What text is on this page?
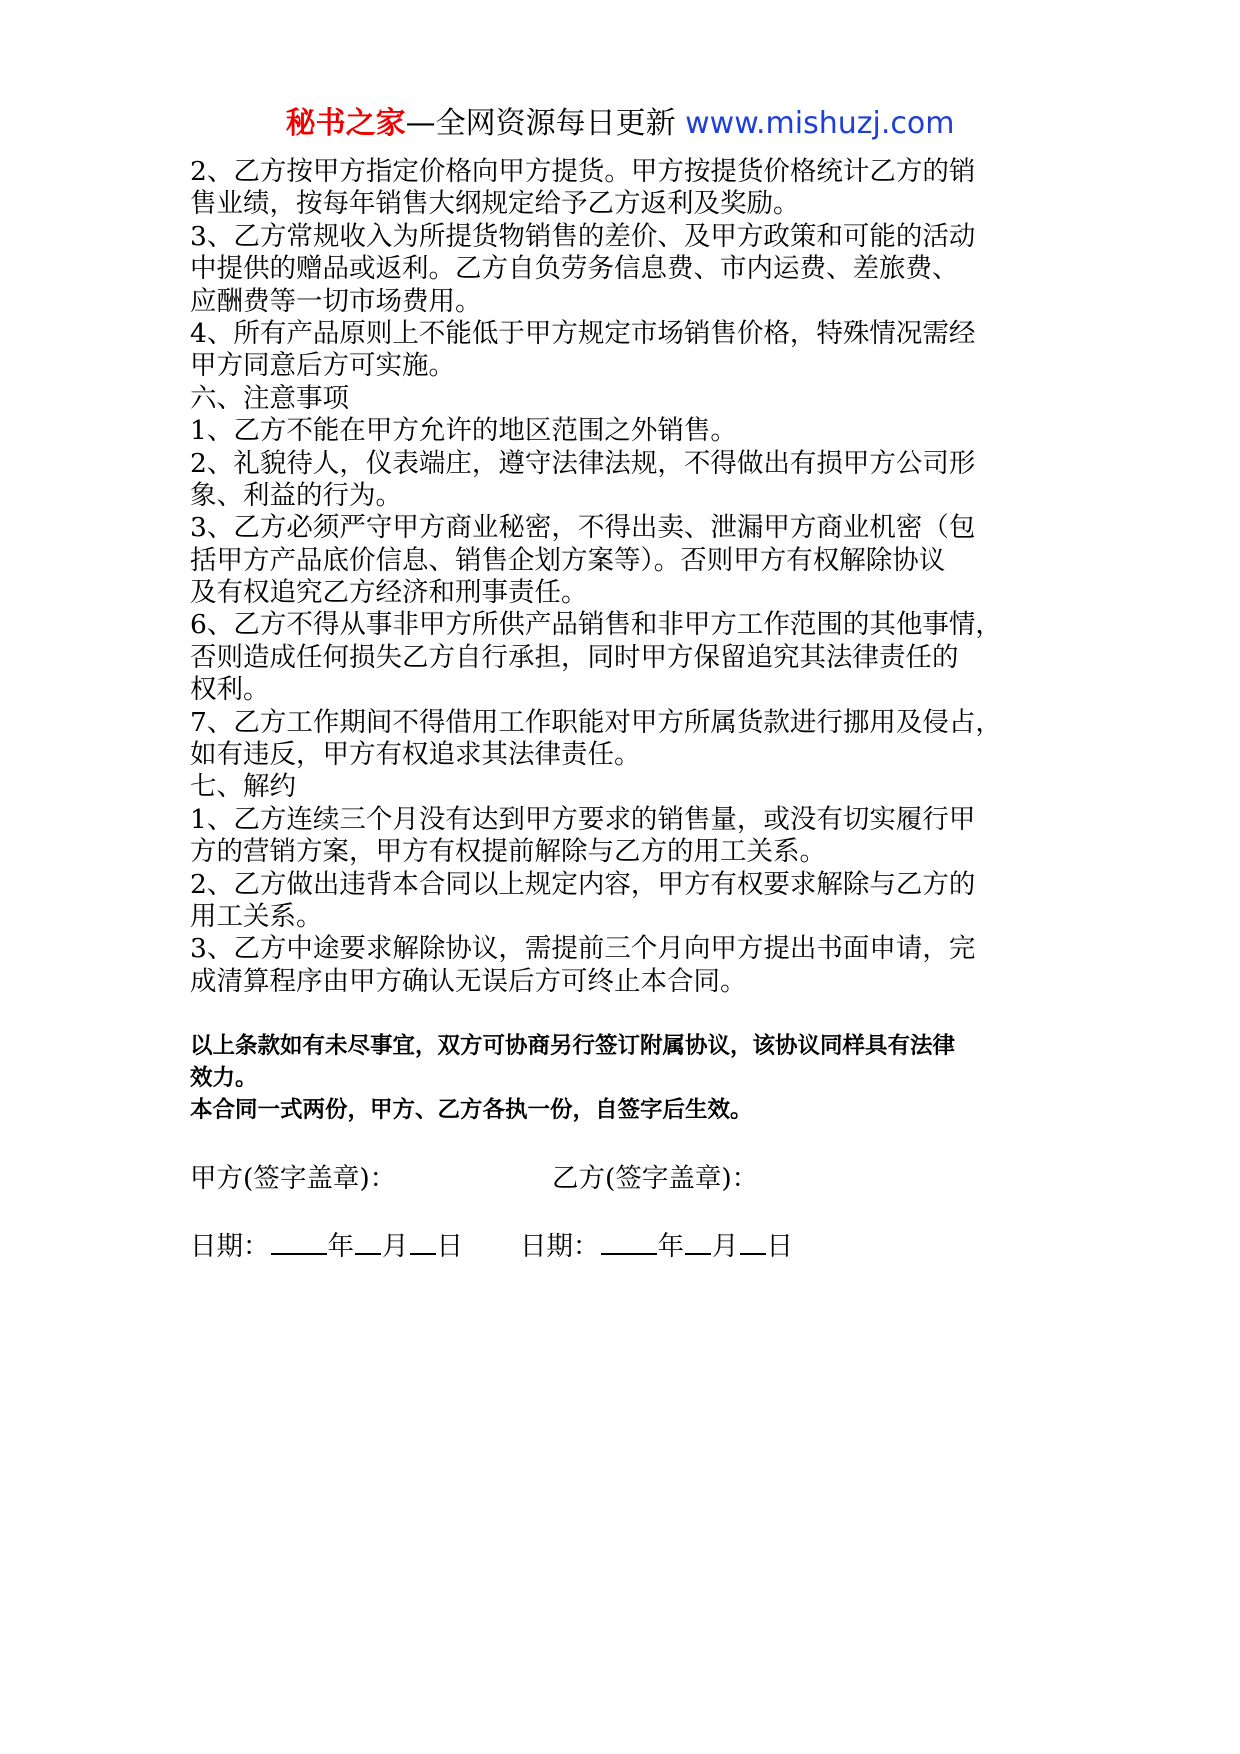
秘书之家—全网资源每日更新 www.mishuzj.com
2、乙方按甲方指定价格向甲方提货。甲方按提货价格统计乙方的销
售业绩，按每年销售大纲规定给予乙方返利及奖励。
3、乙方常规收入为所提货物销售的差价、及甲方政策和可能的活动
中提供的赠品或返利。乙方自负劳务信息费、市内运费、差旅费、
应酬费等一切市场费用。
4、所有产品原则上不能低于甲方规定市场销售价格，特殊情况需经
甲方同意后方可实施。
六、注意事项
1、乙方不能在甲方允许的地区范围之外销售。
2、礼貌待人，仪表端庄，遵守法律法规，不得做出有损甲方公司形
象、利益的行为。
3、乙方必须严守甲方商业秘密，不得出卖、泄漏甲方商业机密（包
括甲方产品底价信息、销售企划方案等）。否则甲方有权解除协议
及有权追究乙方经济和刑事责任。
6、乙方不得从事非甲方所供产品销售和非甲方工作范围的其他事情，
否则造成任何损失乙方自行承担，同时甲方保留追究其法律责任的
权利。
7、乙方工作期间不得借用工作职能对甲方所属货款进行挪用及侵占，
如有违反，甲方有权追求其法律责任。
七、解约
1、乙方连续三个月没有达到甲方要求的销售量，或没有切实履行甲
方的营销方案，甲方有权提前解除与乙方的用工关系。
2、乙方做出违背本合同以上规定内容，甲方有权要求解除与乙方的
用工关系。
3、乙方中途要求解除协议，需提前三个月向甲方提出书面申请，完
成清算程序由甲方确认无误后方可终止本合同。
以上条款如有未尽事宜，双方可协商另行签订附属协议，该协议同样具有法律
效力。
本合同一式两份，甲方、乙方各执一份，自签字后生效。
甲方(签字盖章)：	乙方(签字盖章)：
日期： 年 月 日 日期： 年 月 日
